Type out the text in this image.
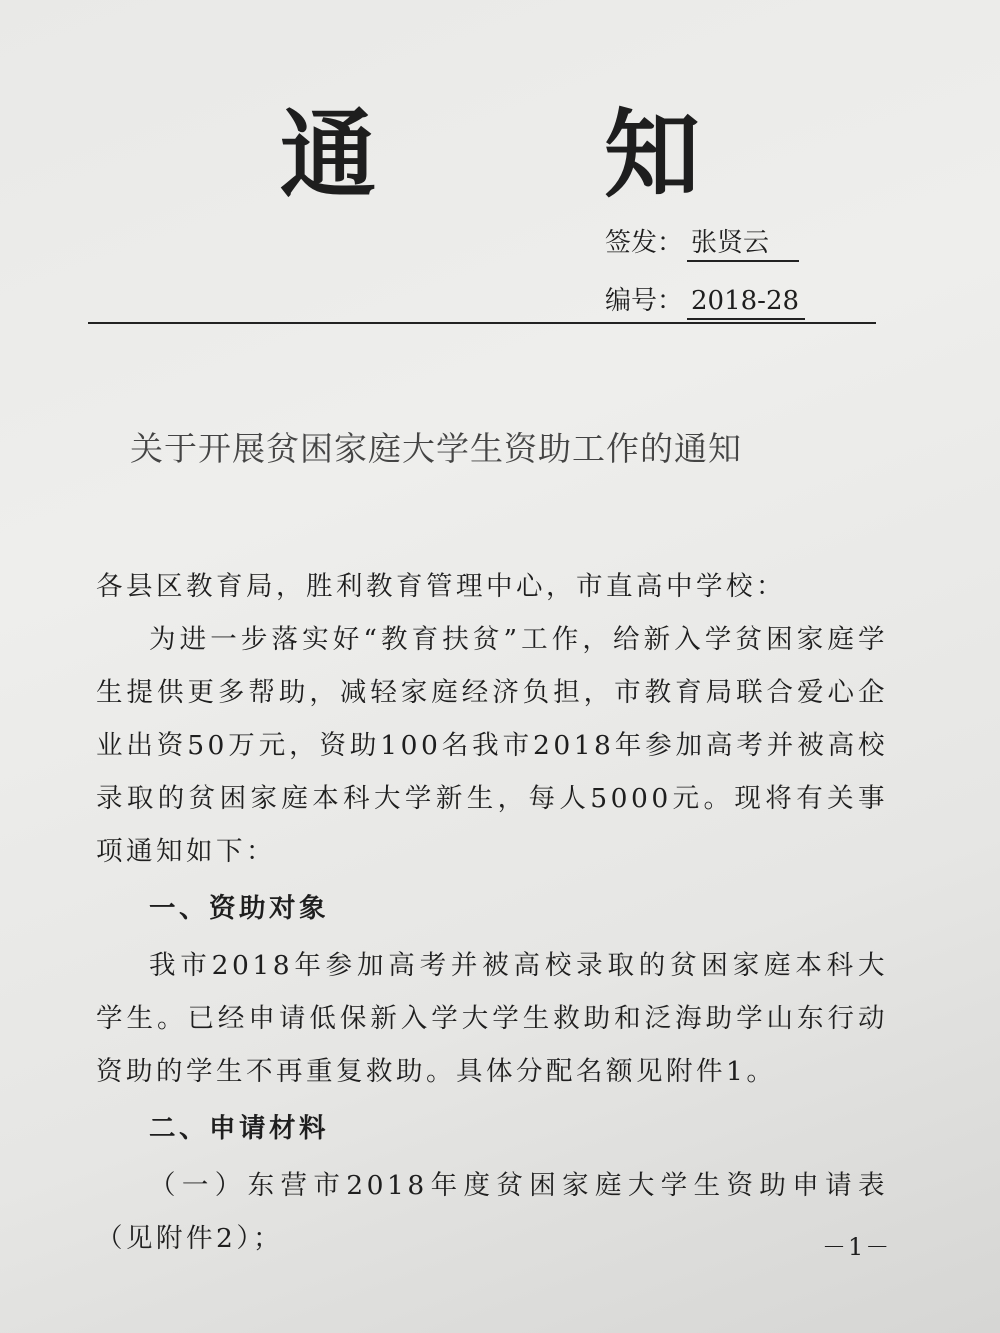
通 知
签发： 张贤云
编号： 2018-28
关于开展贫困家庭大学生资助工作的通知

各县区教育局，胜利教育管理中心，市直高中学校：

为进一步落实好“教育扶贫”工作，给新入学贫困家庭学生提供更多帮助，减轻家庭经济负担，市教育局联合爱心企业出资50万元，资助100名我市2018年参加高考并被高校录取的贫困家庭本科大学新生，每人5000元。现将有关事项通知如下：

一、资助对象

我市2018年参加高考并被高校录取的贫困家庭本科大学生。已经申请低保新入学大学生救助和泛海助学山东行动资助的学生不再重复救助。具体分配名额见附件1。

二、申请材料

（一）东营市2018年度贫困家庭大学生资助申请表（见附件2）；	－1－
